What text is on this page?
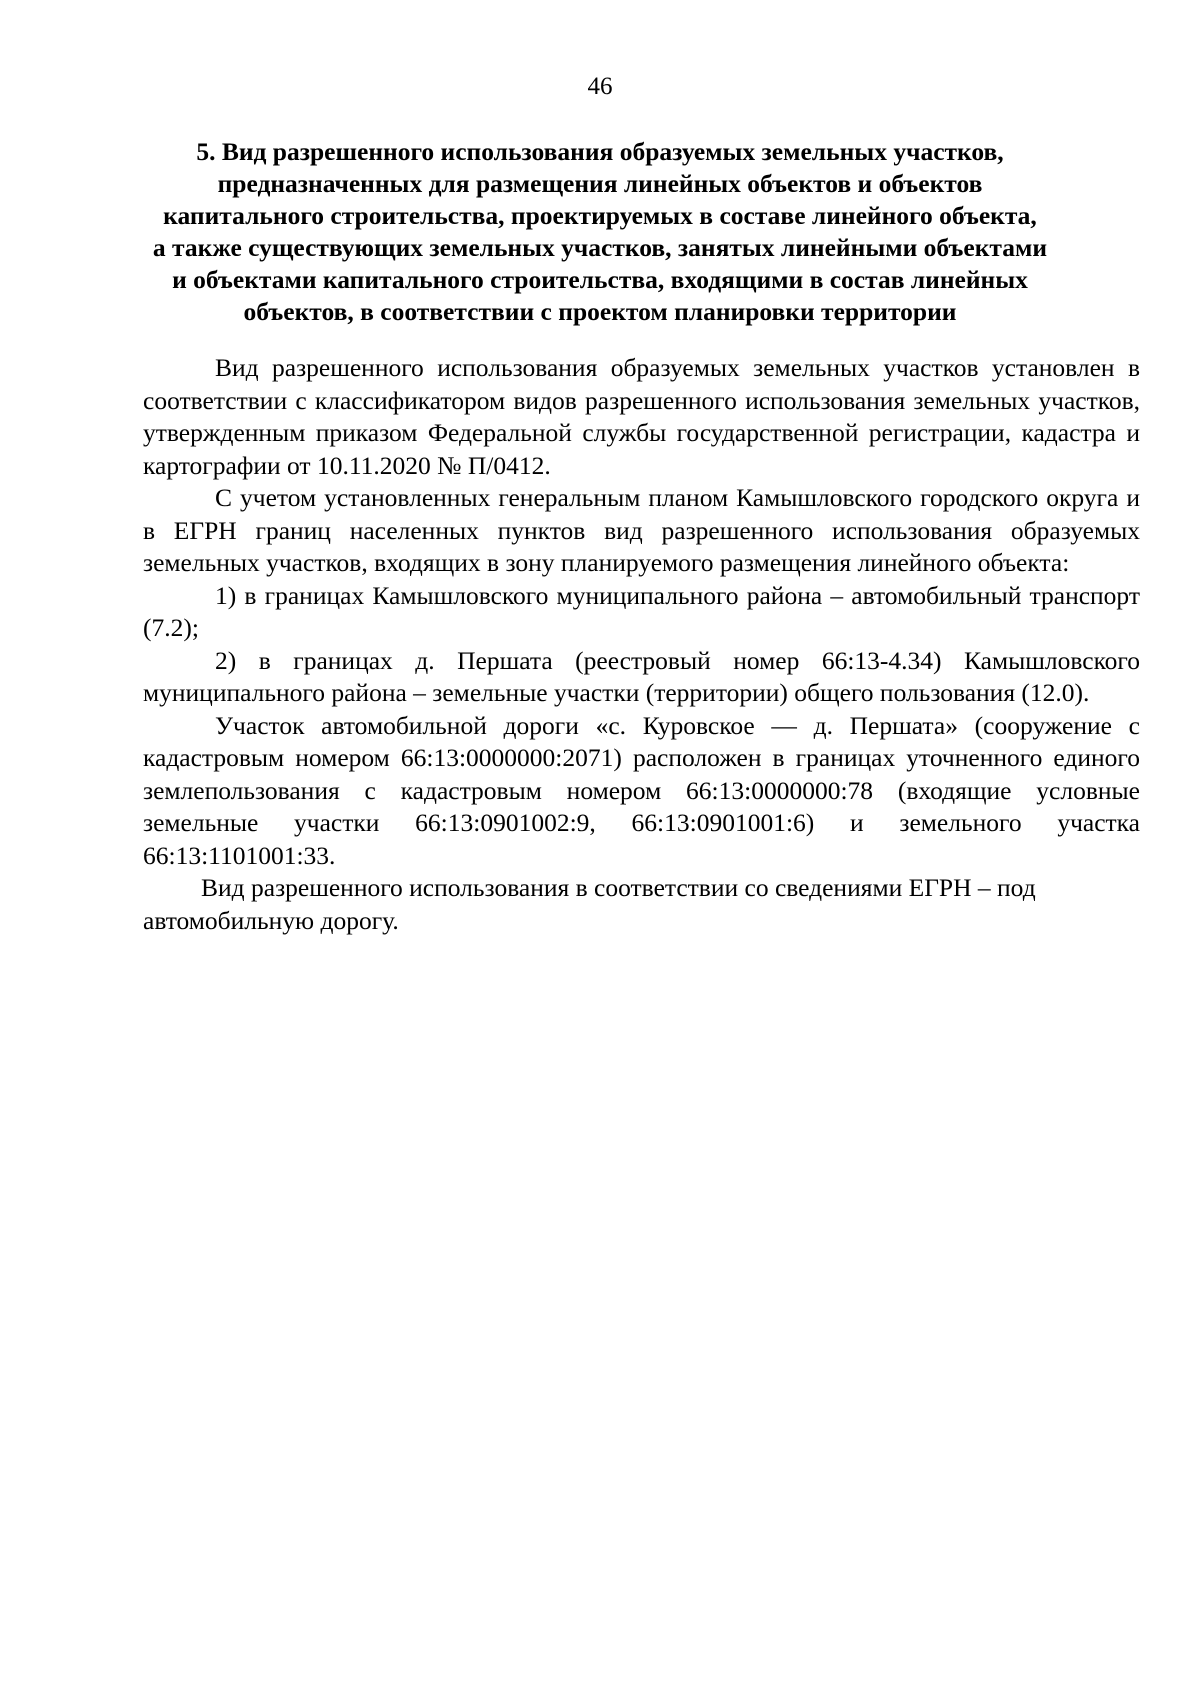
46
5. Вид разрешенного использования образуемых земельных участков,
предназначенных для размещения линейных объектов и объектов
капитального строительства, проектируемых в составе линейного объекта,
а также существующих земельных участков, занятых линейными объектами
и объектами капитального строительства, входящими в состав линейных
объектов, в соответствии с проектом планировки территории

Вид разрешенного использования образуемых земельных участков установлен в соответствии с классификатором видов разрешенного использования земельных участков, утвержденным приказом Федеральной службы государственной регистрации, кадастра и картографии от 10.11.2020 № П/0412.

С учетом установленных генеральным планом Камышловского городского округа и в ЕГРН границ населенных пунктов вид разрешенного использования образуемых земельных участков, входящих в зону планируемого размещения линейного объекта:

1) в границах Камышловского муниципального района – автомобильный транспорт (7.2);

2) в границах д. Першата (реестровый номер 66:13-4.34) Камышловского муниципального района – земельные участки (территории) общего пользования (12.0).

Участок автомобильной дороги «с. Куровское — д. Першата» (сооружение с кадастровым номером 66:13:0000000:2071) расположен в границах уточненного единого землепользования с кадастровым номером 66:13:0000000:78 (входящие условные земельные участки 66:13:0901002:9, 66:13:0901001:6) и земельного участка 66:13:1101001:33.

Вид разрешенного использования в соответствии со сведениями ЕГРН – под автомобильную дорогу.
